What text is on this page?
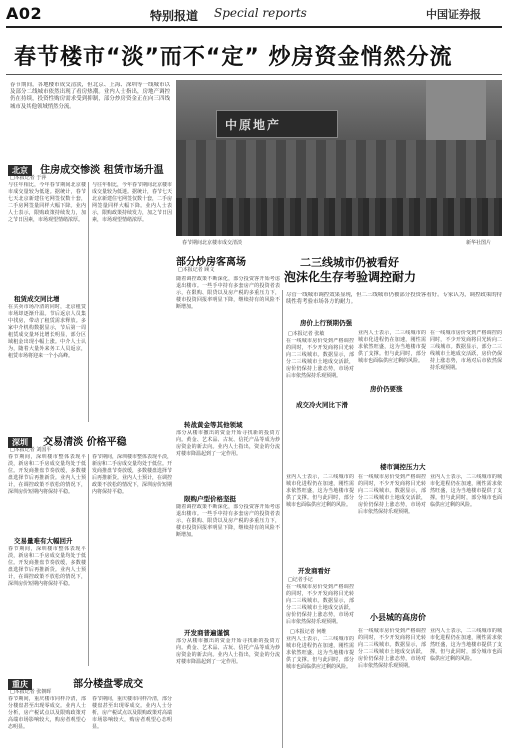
A02	特别报道 Special reports	中国证券报
春节楼市“淡”而不“定” 炒房资金悄然分流
春节期间，各地楼市成交清淡，但北京、上海、深圳等一线城市以及部分二线城市依然出现了看房热潮。业内人士指出，房地产调控仍在持续，投资性购房需求受到抑制，部分炒房资金正在向三四线城市及其他领域悄然分流。
中原地产
春节期间北京楼市成交清淡	新华社图片
北京 住房成交惨淡 租赁市场升温
□本报记者 于萍
与往年相比，今年春节期间北京楼市成交量较为低迷。据统计，春节七天北京新建住宅网签仅数十套，二手房网签量同样大幅下降。业内人士表示，限购政策持续发力，加之节日因素，市场观望情绪浓厚。
租赁成交同比增
在买卖市场冷清的同时，北京租赁市场却逐渐升温。节后返京人员集中找房，带动了租赁需求释放。多家中介机构数据显示，节后第一周租赁成交量环比增长明显，部分区域租金出现小幅上涨。中介人士认为，随着大量外来务工人员返京，租赁市场将迎来一个小高峰。
与往年相比，今年春节期间北京楼市成交量较为低迷。据统计，春节七天北京新建住宅网签仅数十套，二手房网签量同样大幅下降。业内人士表示，限购政策持续发力，加之节日因素，市场观望情绪浓厚。
深圳 交易清淡 价格平稳
□本报记者 刘国平
春节期间，深圳楼市整体表现平淡，新房和二手房成交量均处于低位。开发商推盘节奏放缓，多数楼盘选择节后再推新货。业内人士预计，在调控政策不放松的情况下，深圳房价短期内将保持平稳。
交易量难有大幅回升
春节期间，深圳楼市整体表现平淡，新房和二手房成交量均处于低位。开发商推盘节奏放缓，多数楼盘选择节后再推新货。业内人士预计，在调控政策不放松的情况下，深圳房价短期内将保持平稳。
春节期间，深圳楼市整体表现平淡，新房和二手房成交量均处于低位。开发商推盘节奏放缓，多数楼盘选择节后再推新货。业内人士预计，在调控政策不放松的情况下，深圳房价短期内将保持平稳。
重庆	部分楼盘零成交
□本报记者 张朝晖
春节期间，重庆楼市同样冷清，部分楼盘甚至出现零成交。业内人士分析，房产税试点以及限购政策对高端市场影响较大，购房者观望心态明显。
春节期间，重庆楼市同样冷清，部分楼盘甚至出现零成交。业内人士分析，房产税试点以及限购政策对高端市场影响较大，购房者观望心态明显。
部分炒房客离场
□本报记者 顾文
随着调控政策不断深化，部分投资客开始考虑退出楼市。一些手中持有多套房产的投资者表示，在限购、限贷以及房产税的多重压力下，楼市投资回报率明显下降，继续持有的风险不断增加。
转战黄金等其他领域
部分从楼市撤出的资金开始寻找新的投资方向。黄金、艺术品、古玩、信托产品等成为炒房资金的新去向。业内人士指出，资金的分流对楼市降温起到了一定作用。
限购户型价格坚挺
随着调控政策不断深化，部分投资客开始考虑退出楼市。一些手中持有多套房产的投资者表示，在限购、限贷以及房产税的多重压力下，楼市投资回报率明显下降，继续持有的风险不断增加。
开发商普遍谨慎
部分从楼市撤出的资金开始寻找新的投资方向。黄金、艺术品、古玩、信托产品等成为炒房资金的新去向。业内人士指出，资金的分流对楼市降温起到了一定作用。
二三线城市仍被看好
泡沫化生存考验调控耐力
尽管一线城市调控效果显现，但二三线城市仍被部分投资客看好。专家认为，调控政策的持续性将考验市场各方的耐力。
房价上行预期仍强
□本报记者 张敏
在一线城市房价受到严格调控的同时，不少开发商将目光转向二三线城市。数据显示，部分二三线城市土地成交活跃，房价仍保持上涨态势，市场对后市依然保持乐观预期。
业内人士表示，二三线城市的城市化进程仍在加速，刚性需求依然旺盛，这为当地楼市提供了支撑。但与此同时，部分城市也面临供应过剩的风险。
在一线城市房价受到严格调控的同时，不少开发商将目光转向二三线城市。数据显示，部分二三线城市土地成交活跃，房价仍保持上涨态势，市场对后市依然保持乐观预期。
成交冷火同比下滑
房价仍要涨
楼市调控压力大
业内人士表示，二三线城市的城市化进程仍在加速，刚性需求依然旺盛，这为当地楼市提供了支撑。但与此同时，部分城市也面临供应过剩的风险。
在一线城市房价受到严格调控的同时，不少开发商将目光转向二三线城市。数据显示，部分二三线城市土地成交活跃，房价仍保持上涨态势，市场对后市依然保持乐观预期。
业内人士表示，二三线城市的城市化进程仍在加速，刚性需求依然旺盛，这为当地楼市提供了支撑。但与此同时，部分城市也面临供应过剩的风险。
开发商看好
□记者手记
在一线城市房价受到严格调控的同时，不少开发商将目光转向二三线城市。数据显示，部分二三线城市土地成交活跃，房价仍保持上涨态势，市场对后市依然保持乐观预期。	小县城的高房价
□本报记者 何维
业内人士表示，二三线城市的城市化进程仍在加速，刚性需求依然旺盛，这为当地楼市提供了支撑。但与此同时，部分城市也面临供应过剩的风险。
在一线城市房价受到严格调控的同时，不少开发商将目光转向二三线城市。数据显示，部分二三线城市土地成交活跃，房价仍保持上涨态势，市场对后市依然保持乐观预期。
业内人士表示，二三线城市的城市化进程仍在加速，刚性需求依然旺盛，这为当地楼市提供了支撑。但与此同时，部分城市也面临供应过剩的风险。
